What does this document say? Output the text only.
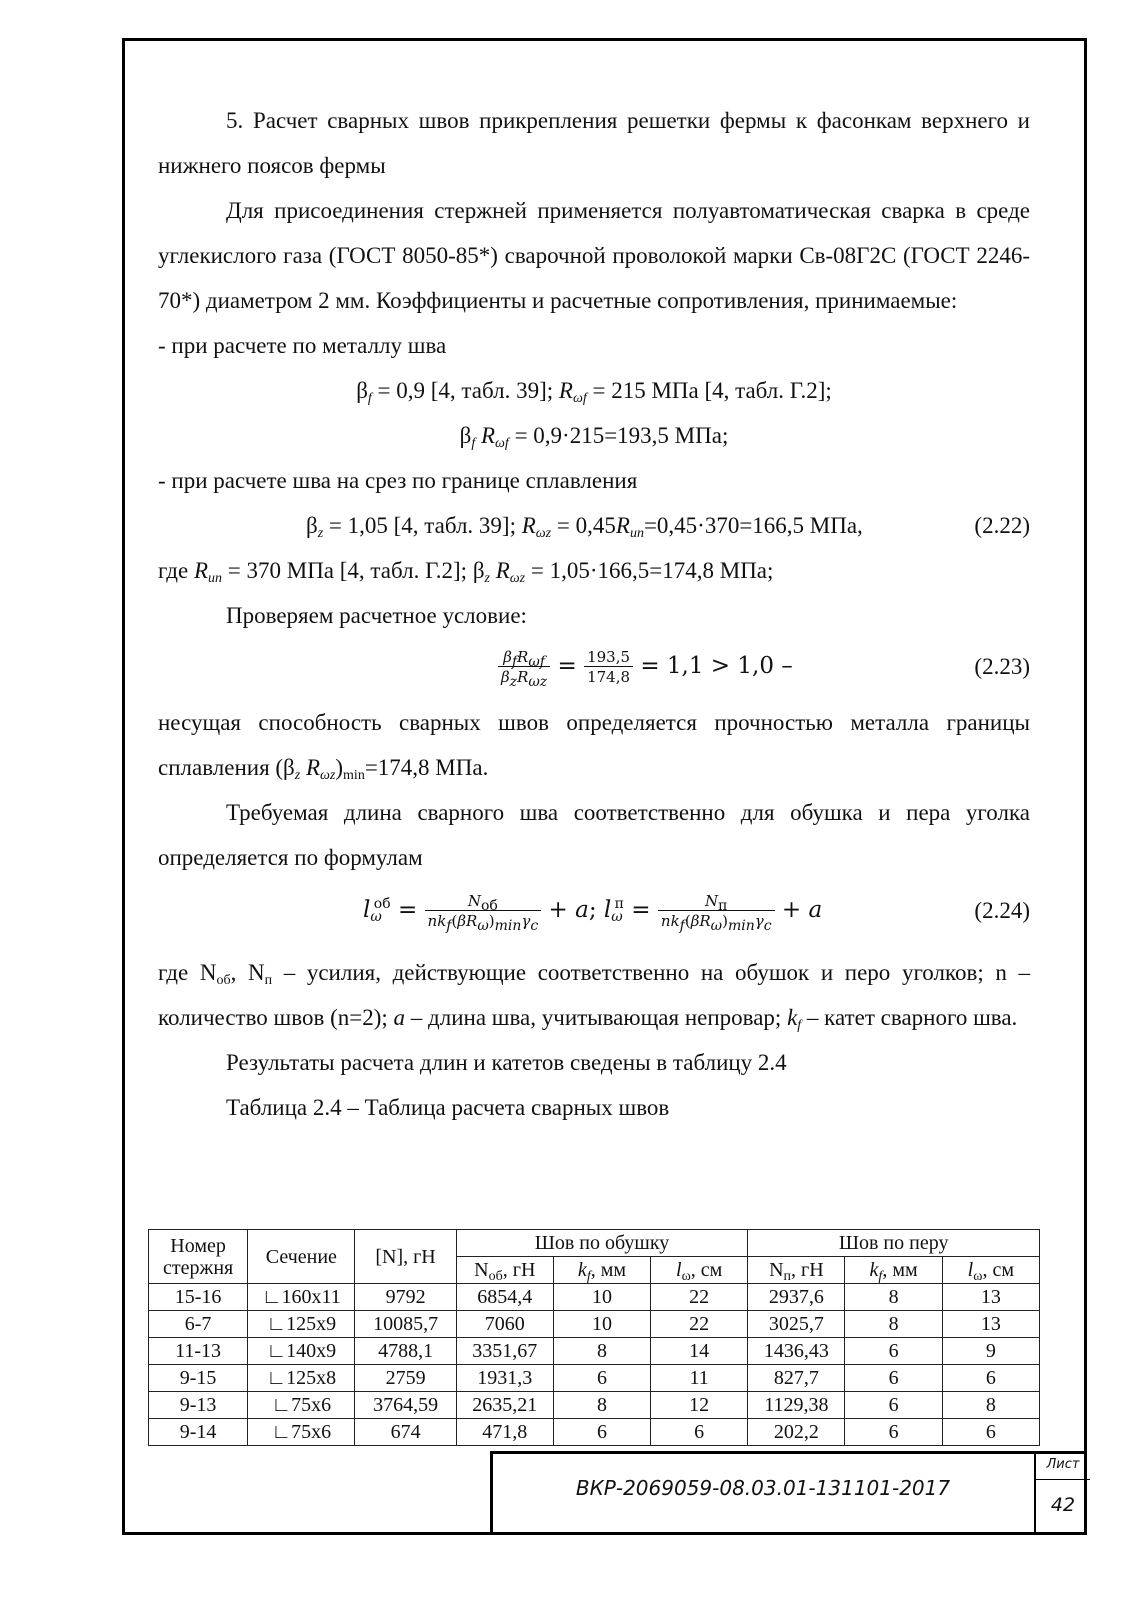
5. Расчет сварных швов прикрепления решетки фермы к фасонкам верхнего и нижнего поясов фермы

Для присоединения стержней применяется полуавтоматическая сварка в среде углекислого газа (ГОСТ 8050-85*) сварочной проволокой марки Св-08Г2С (ГОСТ 2246-70*) диаметром 2 мм. Коэффициенты и расчетные сопротивления, принимаемые:

- при расчете по металлу шва

$\beta_f = 0,9$ [4, табл. 39]; $R_{\omega f} = 215$ МПа [4, табл. Г.2];

$\beta_f$ $R_{\omega f} = 0,9\cdot 215=193,5$ МПа;

- при расчете шва на срез по границе сплавления

$\beta_z = 1,05$ [4, табл. 39]; $R_{\omega z} = 0,45R_{un}=0,45\cdot 370=166,5$ МПа,	(2.22)

где $R_{un} = 370$ МПа [4, табл. Г.2]; $\beta_z$ $R_{\omega z} = 1,05\cdot 166,5=174,8$ МПа;

Проверяем расчетное условие:

$\frac{\beta_fR_{\omega f}}{\beta_zR_{\omega z}} = \frac{193,5}{174,8} = 1,1 > 1,0$ –	(2.23)

несущая способность сварных швов определяется прочностью металла границы сплавления ($\beta_z$ $R_{\omega z})_{min}=174,8$ МПа.

Требуемая длина сварного шва соответственно для обушка и пера уголка определяется по формулам

$l_\omega^{об} = \frac{N_{об}}{nk_f(\beta R_\omega)_{min}\gamma_c} + a$; $l_\omega^п = \frac{N_п}{nk_f(\beta R_\omega)_{min}\gamma_c} + a$	(2.24)

где $N_{об}$, $N_п$ – усилия, действующие соответственно на обушок и перо уголков; n – количество швов (n=2); a – длина шва, учитывающая непровар; $k_f$ – катет сварного шва.

Результаты расчета длин и катетов сведены в таблицу 2.4

Таблица 2.4 – Таблица расчета сварных швов

Номер
стержня	Сечение	[N], гН	Шов по обушку			Шов по перу		
			$N_{об}$, гН	$k_f$, мм	$l_\omega$, см	$N_п$, гН	$k_f$, мм	$l_\omega$, см
15-16	∟160x11	9792	6854,4	10	22	2937,6	8	13
6-7	∟125x9	10085,7	7060	10	22	3025,7	8	13
11-13	∟140x9	4788,1	3351,67	8	14	1436,43	6	9
9-15	∟125x8	2759	1931,3	6	11	827,7	6	6
9-13	∟75x6	3764,59	2635,21	8	12	1129,38	6	8
9-14	∟75x6	674	471,8	6	6	202,2	6	6
ВКР-2069059-08.03.01-131101-2017
Лист
42
